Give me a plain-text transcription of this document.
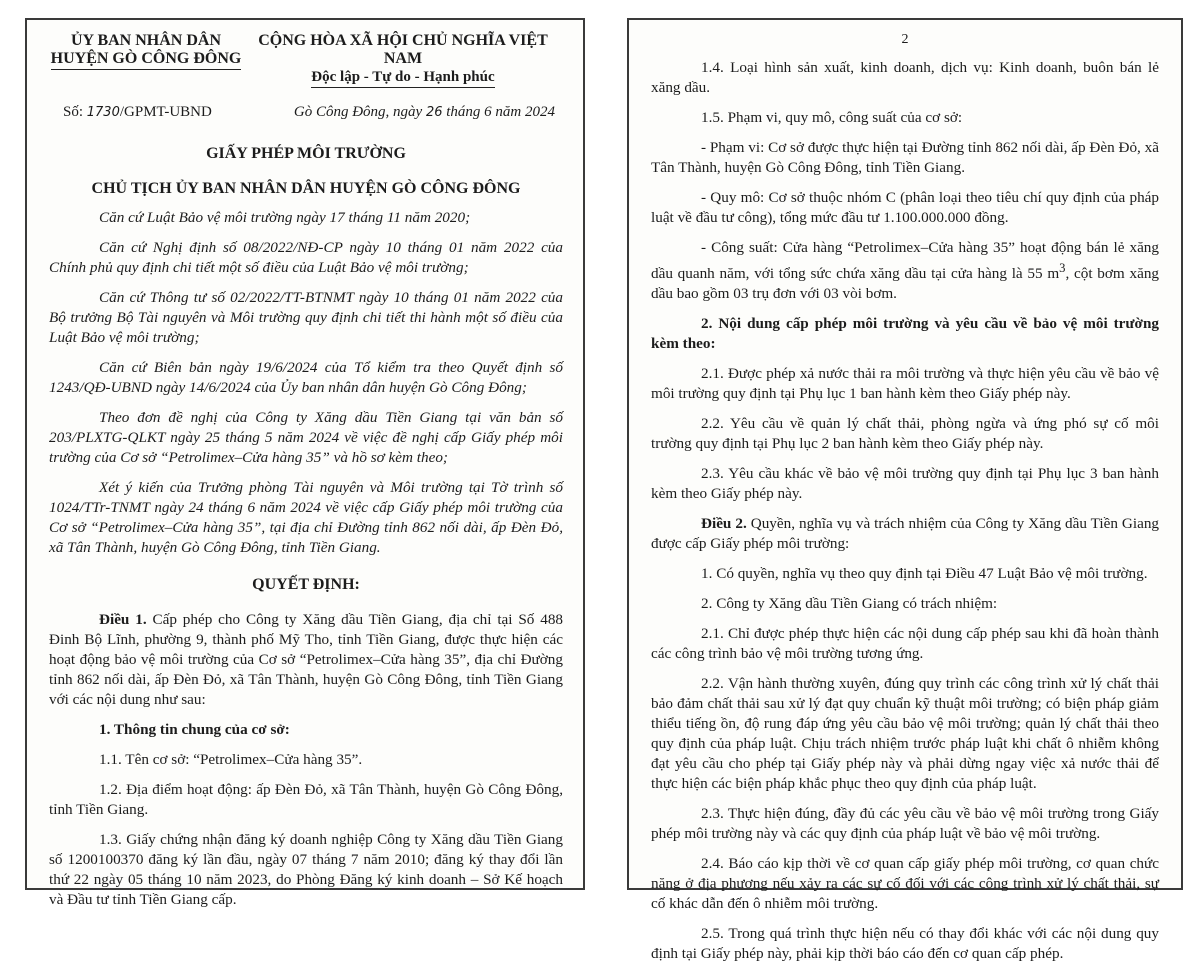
ỦY BAN NHÂN DÂN

HUYỆN GÒ CÔNG ĐÔNG

CỘNG HÒA XÃ HỘI CHỦ NGHĨA VIỆT NAM

Độc lập - Tự do - Hạnh phúc

Số: 1730/GPMT-UBND	Gò Công Đông, ngày 26 tháng 6 năm 2024

GIẤY PHÉP MÔI TRƯỜNG

CHỦ TỊCH ỦY BAN NHÂN DÂN HUYỆN GÒ CÔNG ĐÔNG

Căn cứ Luật Bảo vệ môi trường ngày 17 tháng 11 năm 2020;

Căn cứ Nghị định số 08/2022/NĐ-CP ngày 10 tháng 01 năm 2022 của Chính phủ quy định chi tiết một số điều của Luật Bảo vệ môi trường;

Căn cứ Thông tư số 02/2022/TT-BTNMT ngày 10 tháng 01 năm 2022 của Bộ trưởng Bộ Tài nguyên và Môi trường quy định chi tiết thi hành một số điều của Luật Bảo vệ môi trường;

Căn cứ Biên bản ngày 19/6/2024 của Tổ kiểm tra theo Quyết định số 1243/QĐ-UBND ngày 14/6/2024 của Ủy ban nhân dân huyện Gò Công Đông;

Theo đơn đề nghị của Công ty Xăng dầu Tiền Giang tại văn bản số 203/PLXTG-QLKT ngày 25 tháng 5 năm 2024 về việc đề nghị cấp Giấy phép môi trường của Cơ sở “Petrolimex–Cửa hàng 35” và hồ sơ kèm theo;

Xét ý kiến của Trưởng phòng Tài nguyên và Môi trường tại Tờ trình số 1024/TTr-TNMT ngày 24 tháng 6 năm 2024 về việc cấp Giấy phép môi trường của Cơ sở “Petrolimex–Cửa hàng 35”, tại địa chỉ Đường tỉnh 862 nối dài, ấp Đèn Đỏ, xã Tân Thành, huyện Gò Công Đông, tỉnh Tiền Giang.

QUYẾT ĐỊNH:

Điều 1. Cấp phép cho Công ty Xăng dầu Tiền Giang, địa chỉ tại Số 488 Đinh Bộ Lĩnh, phường 9, thành phố Mỹ Tho, tỉnh Tiền Giang, được thực hiện các hoạt động bảo vệ môi trường của Cơ sở “Petrolimex–Cửa hàng 35”, địa chỉ Đường tỉnh 862 nối dài, ấp Đèn Đỏ, xã Tân Thành, huyện Gò Công Đông, tỉnh Tiền Giang với các nội dung như sau:

1. Thông tin chung của cơ sở:

1.1. Tên cơ sở: “Petrolimex–Cửa hàng 35”.

1.2. Địa điểm hoạt động: ấp Đèn Đỏ, xã Tân Thành, huyện Gò Công Đông, tỉnh Tiền Giang.

1.3. Giấy chứng nhận đăng ký doanh nghiệp Công ty Xăng dầu Tiền Giang số 1200100370 đăng ký lần đầu, ngày 07 tháng 7 năm 2010; đăng ký thay đổi lần thứ 22 ngày 05 tháng 10 năm 2023, do Phòng Đăng ký kinh doanh – Sở Kế hoạch và Đầu tư tỉnh Tiền Giang cấp.

2

1.4. Loại hình sản xuất, kinh doanh, dịch vụ: Kinh doanh, buôn bán lẻ xăng dầu.

1.5. Phạm vi, quy mô, công suất của cơ sở:

- Phạm vi: Cơ sở được thực hiện tại Đường tỉnh 862 nối dài, ấp Đèn Đỏ, xã Tân Thành, huyện Gò Công Đông, tỉnh Tiền Giang.

- Quy mô: Cơ sở thuộc nhóm C (phân loại theo tiêu chí quy định của pháp luật về đầu tư công), tổng mức đầu tư 1.100.000.000 đồng.

- Công suất: Cửa hàng “Petrolimex–Cửa hàng 35” hoạt động bán lẻ xăng dầu quanh năm, với tổng sức chứa xăng dầu tại cửa hàng là 55 $m^3$, cột bơm xăng dầu bao gồm 03 trụ đơn với 03 vòi bơm.

2. Nội dung cấp phép môi trường và yêu cầu về bảo vệ môi trường kèm theo:

2.1. Được phép xả nước thải ra môi trường và thực hiện yêu cầu về bảo vệ môi trường quy định tại Phụ lục 1 ban hành kèm theo Giấy phép này.

2.2. Yêu cầu về quản lý chất thải, phòng ngừa và ứng phó sự cố môi trường quy định tại Phụ lục 2 ban hành kèm theo Giấy phép này.

2.3. Yêu cầu khác về bảo vệ môi trường quy định tại Phụ lục 3 ban hành kèm theo Giấy phép này.

Điều 2. Quyền, nghĩa vụ và trách nhiệm của Công ty Xăng dầu Tiền Giang được cấp Giấy phép môi trường:

1. Có quyền, nghĩa vụ theo quy định tại Điều 47 Luật Bảo vệ môi trường.

2. Công ty Xăng dầu Tiền Giang có trách nhiệm:

2.1. Chỉ được phép thực hiện các nội dung cấp phép sau khi đã hoàn thành các công trình bảo vệ môi trường tương ứng.

2.2. Vận hành thường xuyên, đúng quy trình các công trình xử lý chất thải bảo đảm chất thải sau xử lý đạt quy chuẩn kỹ thuật môi trường; có biện pháp giảm thiểu tiếng ồn, độ rung đáp ứng yêu cầu bảo vệ môi trường; quản lý chất thải theo quy định của pháp luật. Chịu trách nhiệm trước pháp luật khi chất ô nhiễm không đạt yêu cầu cho phép tại Giấy phép này và phải dừng ngay việc xả nước thải để thực hiện các biện pháp khắc phục theo quy định của pháp luật.

2.3. Thực hiện đúng, đầy đủ các yêu cầu về bảo vệ môi trường trong Giấy phép môi trường này và các quy định của pháp luật về bảo vệ môi trường.

2.4. Báo cáo kịp thời về cơ quan cấp giấy phép môi trường, cơ quan chức năng ở địa phương nếu xảy ra các sự cố đối với các công trình xử lý chất thải, sự cố khác dẫn đến ô nhiễm môi trường.

2.5. Trong quá trình thực hiện nếu có thay đổi khác với các nội dung quy định tại Giấy phép này, phải kịp thời báo cáo đến cơ quan cấp phép.
